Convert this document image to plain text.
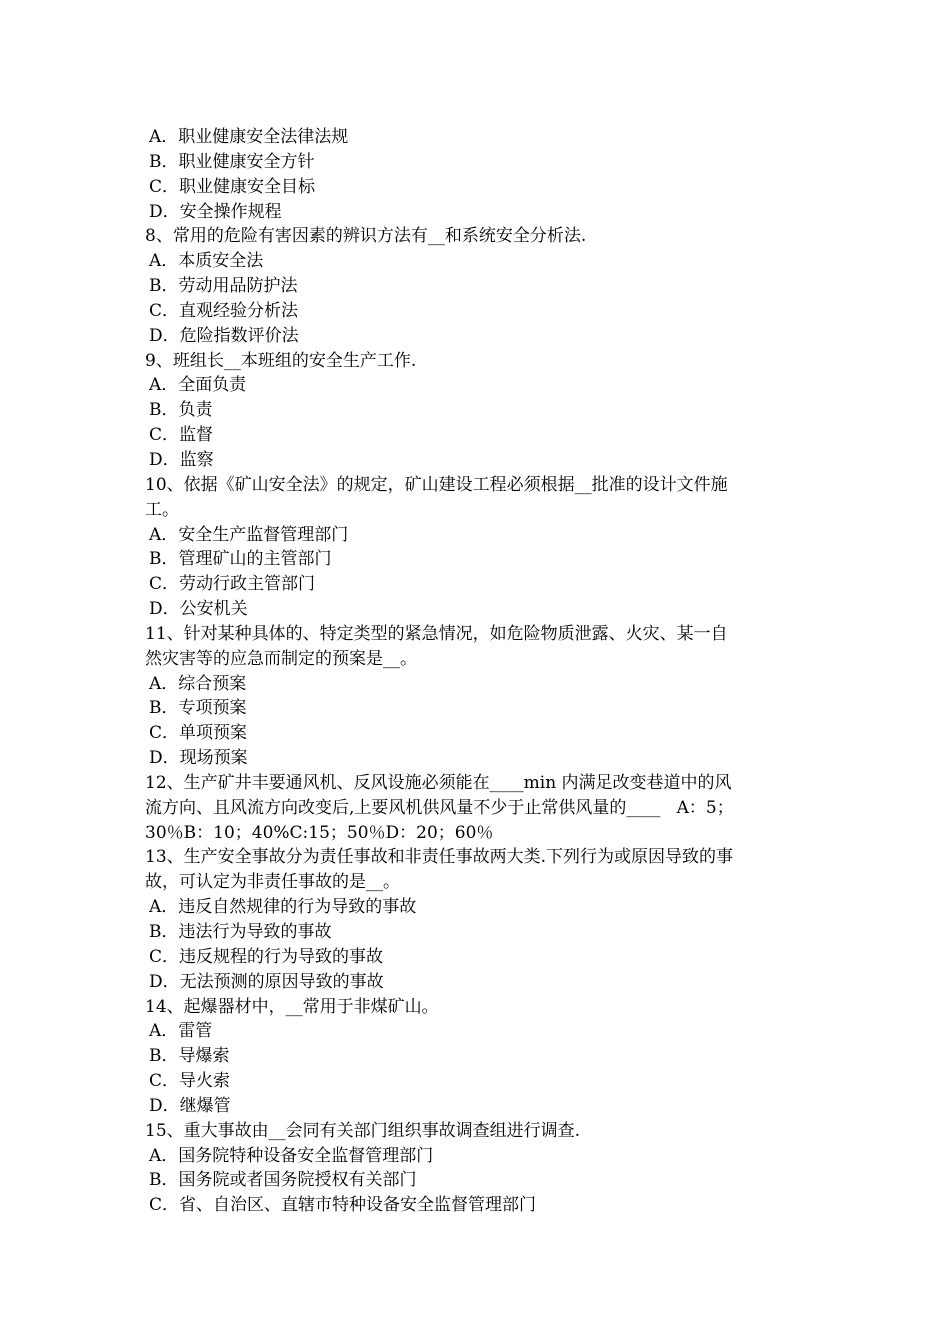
A．职业健康安全法律法规
B．职业健康安全方针
C．职业健康安全目标
D．安全操作规程
8、常用的危险有害因素的辨识方法有__和系统安全分析法.
A．本质安全法
B．劳动用品防护法
C．直观经验分析法
D．危险指数评价法
9、班组长__本班组的安全生产工作.
A．全面负责
B．负责
C．监督
D．监察
10、依据《矿山安全法》的规定，矿山建设工程必须根据__批准的设计文件施
工。
A．安全生产监督管理部门
B．管理矿山的主管部门
C．劳动行政主管部门
D．公安机关
11、针对某种具体的、特定类型的紧急情况，如危险物质泄露、火灾、某一自
然灾害等的应急而制定的预案是__。
A．综合预案
B．专项预案
C．单项预案
D．现场预案
12、生产矿井丰要通风机、反风设施必须能在____min 内满足改变巷道中的风
流方向、且风流方向改变后,上要风机供风量不少于止常供风量的____   A：5；
30％B：10；40%C:15；50％D：20；60％
13、生产安全事故分为责任事故和非责任事故两大类.下列行为或原因导致的事
故，可认定为非责任事故的是__。
A．违反自然规律的行为导致的事故
B．违法行为导致的事故
C．违反规程的行为导致的事故
D．无法预测的原因导致的事故
14、起爆器材中，__常用于非煤矿山。
A．雷管
B．导爆索
C．导火索
D．继爆管
15、重大事故由__会同有关部门组织事故调查组进行调查.
A．国务院特种设备安全监督管理部门
B．国务院或者国务院授权有关部门
C．省、自治区、直辖市特种设备安全监督管理部门
